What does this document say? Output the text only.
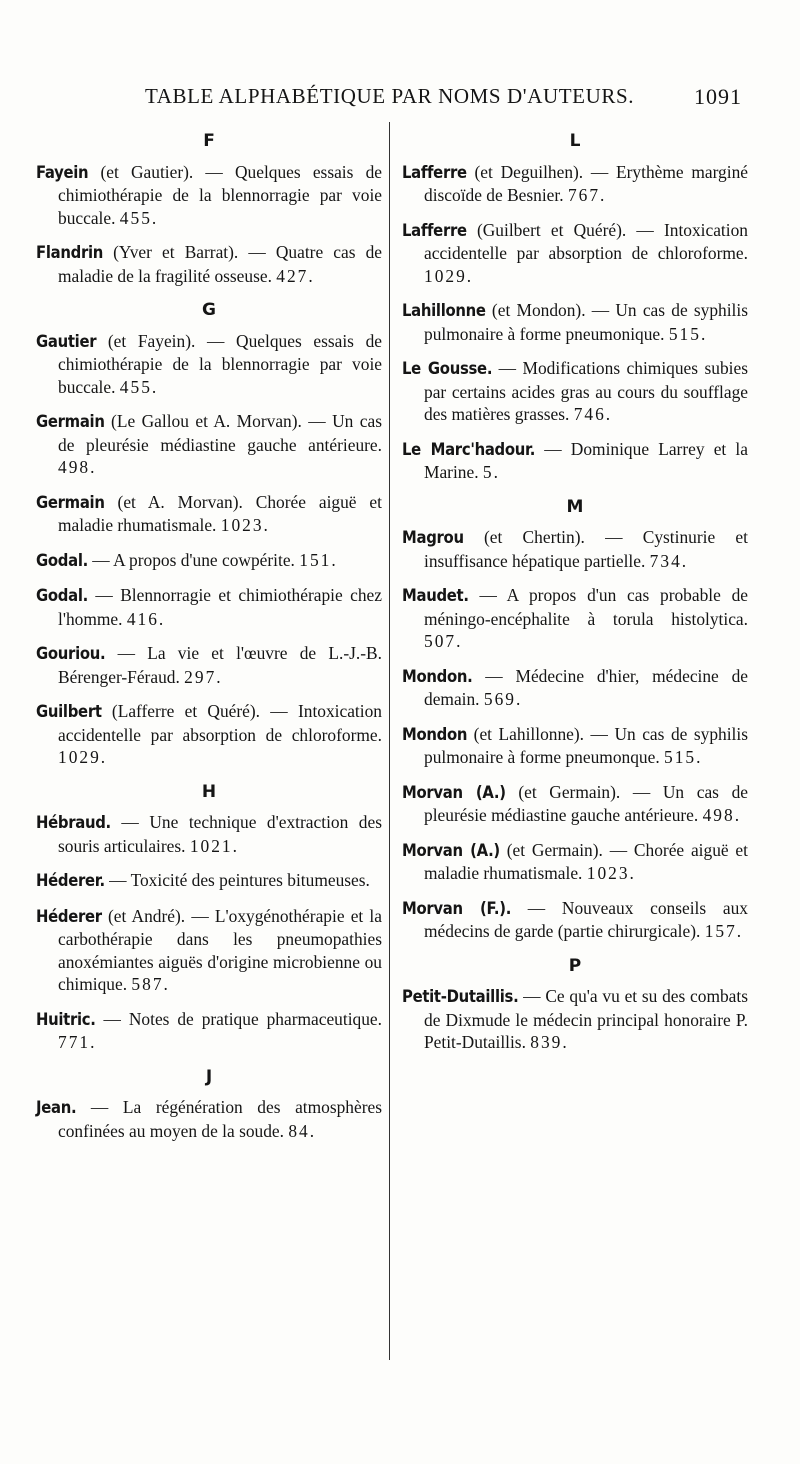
TABLE ALPHABÉTIQUE PAR NOMS D'AUTEURS.	1091
F
Fayein (et Gautier). — Quelques essais de chimiothérapie de la blennorragie par voie buccale. 455.
Flandrin (Yver et Barrat). — Quatre cas de maladie de la fragilité osseuse. 427.
G
Gautier (et Fayein). — Quelques essais de chimiothérapie de la blennorragie par voie buccale. 455.
Germain (Le Gallou et A. Morvan). — Un cas de pleurésie médiastine gauche antérieure. 498.
Germain (et A. Morvan). Chorée aiguë et maladie rhumatismale. 1023.
Godal. — A propos d'une cowpérite. 151.
Godal. — Blennorragie et chimiothérapie chez l'homme. 416.
Gouriou. — La vie et l'œuvre de L.-J.-B. Bérenger-Féraud. 297.
Guilbert (Lafferre et Quéré). — Intoxication accidentelle par absorption de chloroforme. 1029.
H
Hébraud. — Une technique d'extraction des souris articulaires. 1021.
Héderer. — Toxicité des peintures bitumeuses.
Héderer (et André). — L'oxygénothérapie et la carbothérapie dans les pneumopathies anoxémiantes aiguës d'origine microbienne ou chimique. 587.
Huitric. — Notes de pratique pharmaceutique. 771.
J
Jean. — La régénération des atmosphères confinées au moyen de la soude. 84.
L
Lafferre (et Deguilhen). — Erythème marginé discoïde de Besnier. 767.
Lafferre (Guilbert et Quéré). — Intoxication accidentelle par absorption de chloroforme. 1029.
Lahillonne (et Mondon). — Un cas de syphilis pulmonaire à forme pneumonique. 515.
Le Gousse. — Modifications chimiques subies par certains acides gras au cours du soufflage des matières grasses. 746.
Le Marc'hadour. — Dominique Larrey et la Marine. 5.
M
Magrou (et Chertin). — Cystinurie et insuffisance hépatique partielle. 734.
Maudet. — A propos d'un cas probable de méningo-encéphalite à torula histolytica. 507.
Mondon. — Médecine d'hier, médecine de demain. 569.
Mondon (et Lahillonne). — Un cas de syphilis pulmonaire à forme pneumonque. 515.
Morvan (A.) (et Germain). — Un cas de pleurésie médiastine gauche antérieure. 498.
Morvan (A.) (et Germain). — Chorée aiguë et maladie rhumatismale. 1023.
Morvan (F.). — Nouveaux conseils aux médecins de garde (partie chirurgicale). 157.
P
Petit-Dutaillis. — Ce qu'a vu et su des combats de Dixmude le médecin principal honoraire P. Petit-Dutaillis. 839.
